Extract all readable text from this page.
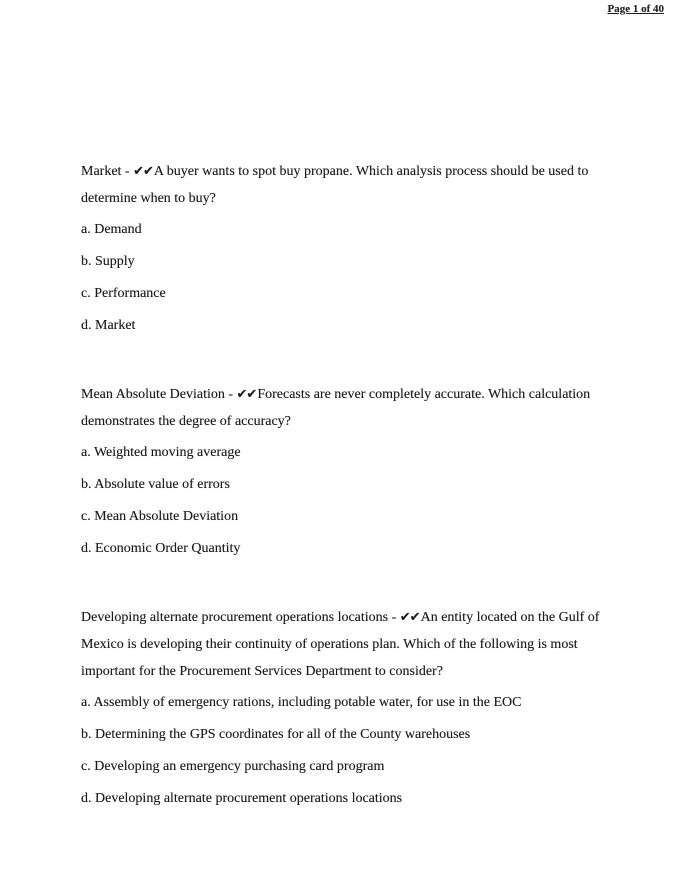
Page 1 of 40

Market - ✔✔A buyer wants to spot buy propane. Which analysis process should be used to determine when to buy?

a. Demand

b. Supply

c. Performance

d. Market

Mean Absolute Deviation - ✔✔Forecasts are never completely accurate. Which calculation demonstrates the degree of accuracy?

a. Weighted moving average

b. Absolute value of errors

c. Mean Absolute Deviation

d. Economic Order Quantity

Developing alternate procurement operations locations - ✔✔An entity located on the Gulf of Mexico is developing their continuity of operations plan. Which of the following is most important for the Procurement Services Department to consider?

a. Assembly of emergency rations, including potable water, for use in the EOC

b. Determining the GPS coordinates for all of the County warehouses

c. Developing an emergency purchasing card program

d. Developing alternate procurement operations locations
